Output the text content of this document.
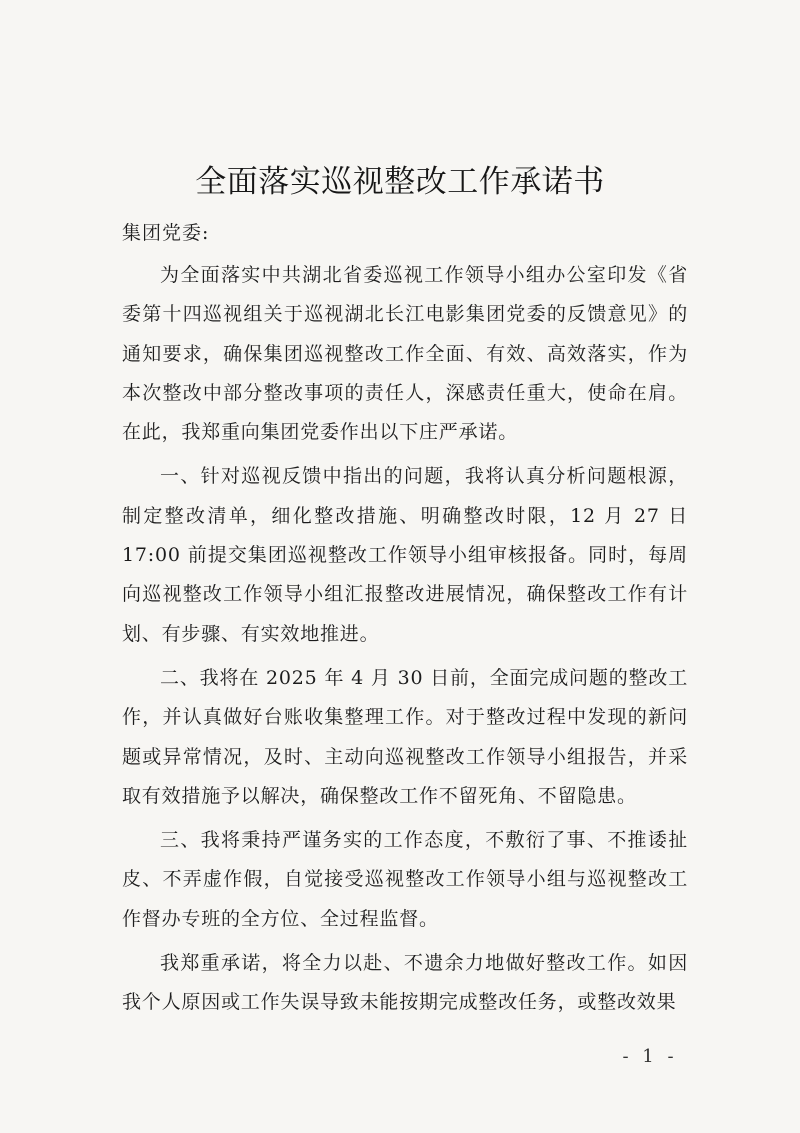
全面落实巡视整改工作承诺书

集团党委:

为全面落实中共湖北省委巡视工作领导小组办公室印发《省委第十四巡视组关于巡视湖北长江电影集团党委的反馈意见》的通知要求，确保集团巡视整改工作全面、有效、高效落实，作为本次整改中部分整改事项的责任人，深感责任重大，使命在肩。在此，我郑重向集团党委作出以下庄严承诺。

一、针对巡视反馈中指出的问题，我将认真分析问题根源，制定整改清单，细化整改措施、明确整改时限，12 月 27 日 17:00 前提交集团巡视整改工作领导小组审核报备。同时，每周向巡视整改工作领导小组汇报整改进展情况，确保整改工作有计划、有步骤、有实效地推进。

二、我将在 2025 年 4 月 30 日前，全面完成问题的整改工作，并认真做好台账收集整理工作。对于整改过程中发现的新问题或异常情况，及时、主动向巡视整改工作领导小组报告，并采取有效措施予以解决，确保整改工作不留死角、不留隐患。

三、我将秉持严谨务实的工作态度，不敷衍了事、不推诿扯皮、不弄虚作假，自觉接受巡视整改工作领导小组与巡视整改工作督办专班的全方位、全过程监督。

我郑重承诺，将全力以赴、不遗余力地做好整改工作。如因我个人原因或工作失误导致未能按期完成整改任务，或整改效果

- 1 -
